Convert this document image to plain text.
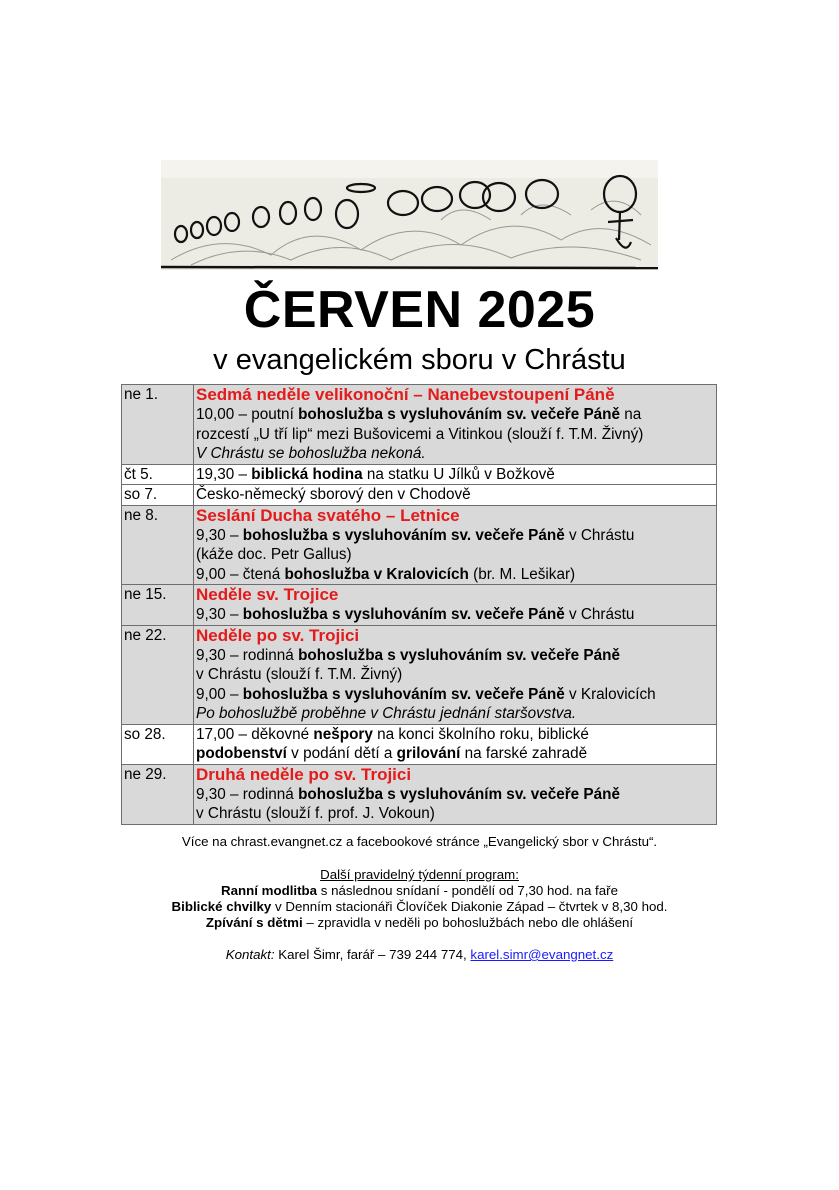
ČERVEN 2025
v evangelickém sboru v Chrástu
ne 1.	Sedmá neděle velikonoční – Nanebevstoupení Páně
10,00 – poutní bohoslužba s vysluhováním sv. večeře Páně na
rozcestí „U tří lip“ mezi Bušovicemi a Vitinkou (slouží f. T.M. Živný)
V Chrástu se bohoslužba nekoná.
čt 5.	19,30 – biblická hodina na statku U Jílků v Božkově
so 7.	Česko-německý sborový den v Chodově
ne 8.	Seslání Ducha svatého – Letnice
9,30 – bohoslužba s vysluhováním sv. večeře Páně v Chrástu
(káže doc. Petr Gallus)
9,00 – čtená bohoslužba v Kralovicích (br. M. Lešikar)
ne 15.	Neděle sv. Trojice
9,30 – bohoslužba s vysluhováním sv. večeře Páně v Chrástu
ne 22.	Neděle po sv. Trojici
9,30 – rodinná bohoslužba s vysluhováním sv. večeře Páně
v Chrástu (slouží f. T.M. Živný)
9,00 – bohoslužba s vysluhováním sv. večeře Páně v Kralovicích
Po bohoslužbě proběhne v Chrástu jednání staršovstva.
so 28.	17,00 – děkovné nešpory na konci školního roku, biblické
podobenství v podání dětí a grilování na farské zahradě
ne 29.	Druhá neděle po sv. Trojici
9,30 – rodinná bohoslužba s vysluhováním sv. večeře Páně
v Chrástu (slouží f. prof. J. Vokoun)
Více na chrast.evangnet.cz a facebookové stránce „Evangelický sbor v Chrástu“.
Další pravidelný týdenní program:
Ranní modlitba s následnou snídaní - pondělí od 7,30 hod. na faře
Biblické chvilky v Denním stacionáři Človíček Diakonie Západ – čtvrtek v 8,30 hod.
Zpívání s dětmi – zpravidla v neděli po bohoslužbách nebo dle ohlášení
Kontakt: Karel Šimr, farář – 739 244 774, karel.simr@evangnet.cz
